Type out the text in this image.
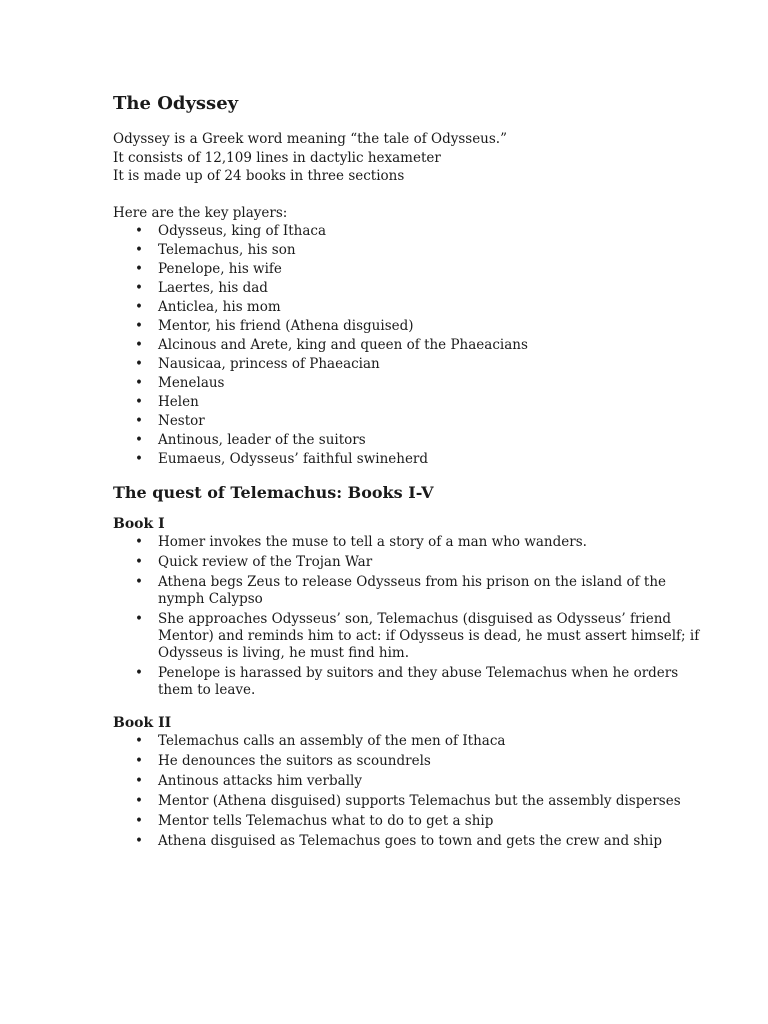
The Odyssey
Odyssey is a Greek word meaning “the tale of Odysseus.”
It consists of 12,109 lines in dactylic hexameter
It is made up of 24 books in three sections
Here are the key players:
• Odysseus, king of Ithaca
• Telemachus, his son
• Penelope, his wife
• Laertes, his dad
• Anticlea, his mom
• Mentor, his friend (Athena disguised)
• Alcinous and Arete, king and queen of the Phaeacians
• Nausicaa, princess of Phaeacian
• Menelaus
• Helen
• Nestor
• Antinous, leader of the suitors
• Eumaeus, Odysseus’ faithful swineherd
The quest of Telemachus: Books I-V
Book I
• Homer invokes the muse to tell a story of a man who wanders.
• Quick review of the Trojan War
• Athena begs Zeus to release Odysseus from his prison on the island of the nymph Calypso
• She approaches Odysseus’ son, Telemachus (disguised as Odysseus’ friend Mentor) and reminds him to act: if Odysseus is dead, he must assert himself; if Odysseus is living, he must find him.
• Penelope is harassed by suitors and they abuse Telemachus when he orders them to leave.
Book II
• Telemachus calls an assembly of the men of Ithaca
• He denounces the suitors as scoundrels
• Antinous attacks him verbally
• Mentor (Athena disguised) supports Telemachus but the assembly disperses
• Mentor tells Telemachus what to do to get a ship
• Athena disguised as Telemachus goes to town and gets the crew and ship
